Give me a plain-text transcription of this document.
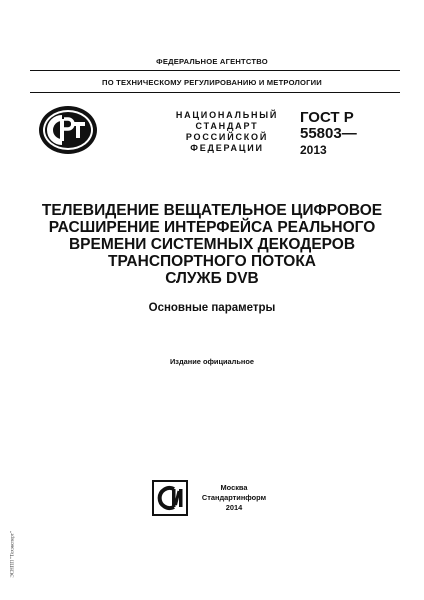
ФЕДЕРАЛЬНОЕ АГЕНТСТВО
ПО ТЕХНИЧЕСКОМУ РЕГУЛИРОВАНИЮ И МЕТРОЛОГИИ
НАЦИОНАЛЬНЫЙ
СТАНДАРТ
РОССИЙСКОЙ
ФЕДЕРАЦИИ
ГОСТ Р
55803—
2013
ТЕЛЕВИДЕНИЕ ВЕЩАТЕЛЬНОЕ ЦИФРОВОЕ
РАСШИРЕНИЕ ИНТЕРФЕЙСА РЕАЛЬНОГО
ВРЕМЕНИ СИСТЕМНЫХ ДЕКОДЕРОВ
ТРАНСПОРТНОГО ПОТОКА
СЛУЖБ DVB
Основные параметры
Издание официальное
Москва
Стандартинформ
2014
ЭСНПП "Техэксперт"
